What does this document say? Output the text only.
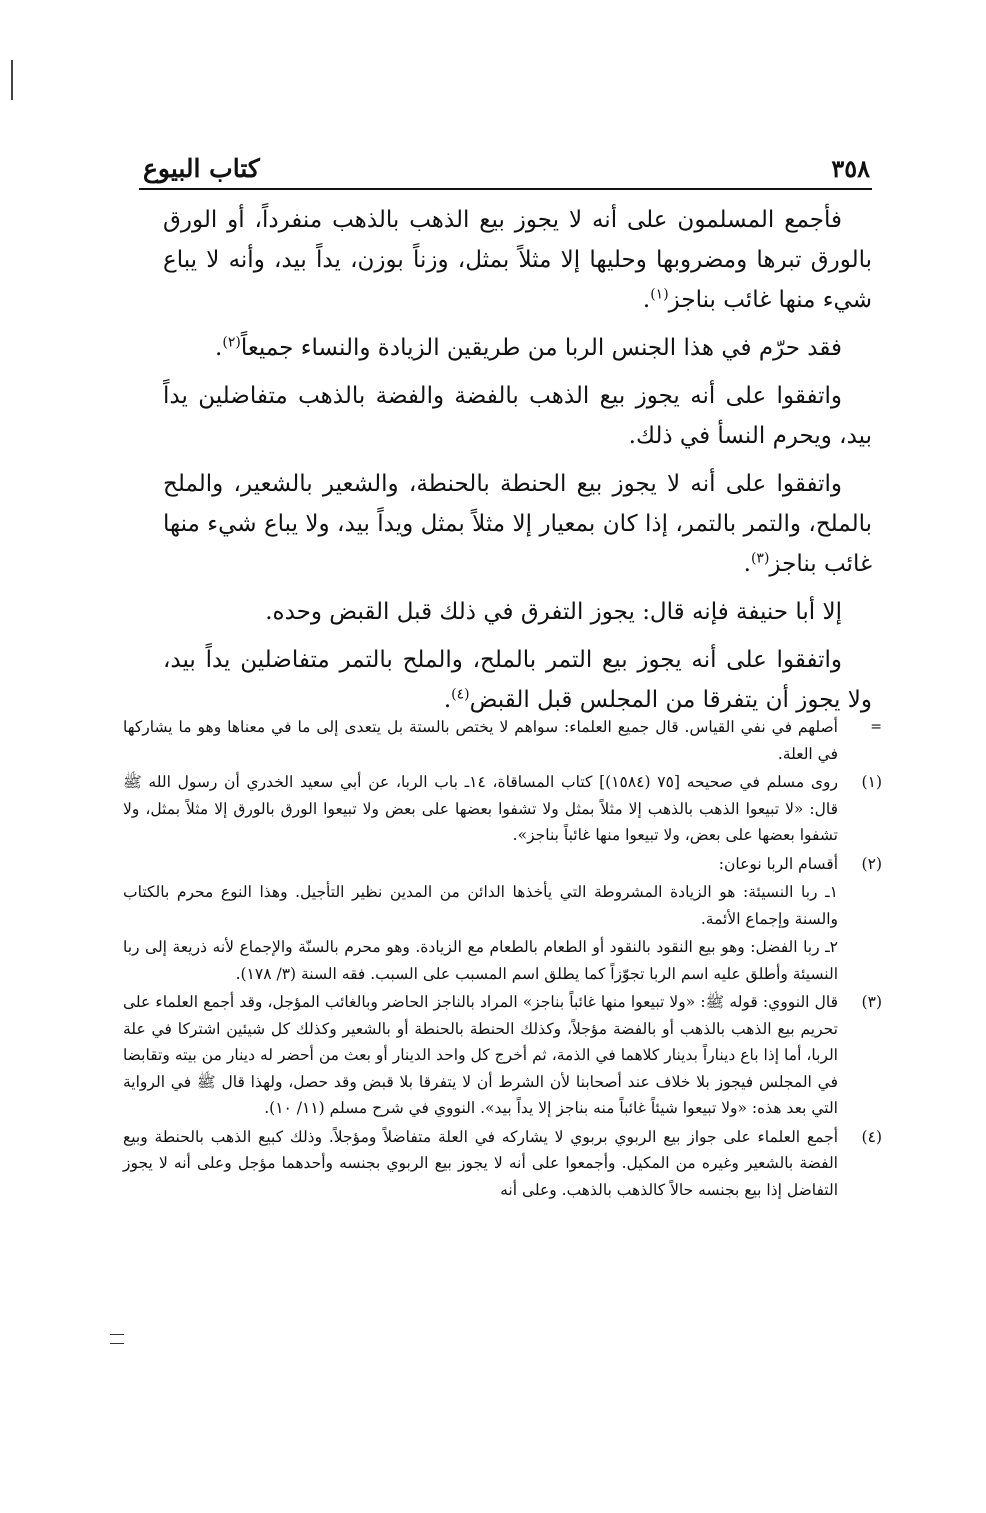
٣٥٨
كتاب البيوع

فأجمع المسلمون على أنه لا يجوز بيع الذهب بالذهب منفرداً، أو الورق بالورق تبرها ومضروبها وحليها إلا مثلاً بمثل، وزناً بوزن، يداً بيد، وأنه لا يباع شيء منها غائب بناجز$^{(١)}$.

فقد حرّم في هذا الجنس الربا من طريقين الزيادة والنساء جميعاً$^{(٢)}$.

واتفقوا على أنه يجوز بيع الذهب بالفضة والفضة بالذهب متفاضلين يداً بيد، ويحرم النسأ في ذلك.

واتفقوا على أنه لا يجوز بيع الحنطة بالحنطة، والشعير بالشعير، والملح بالملح، والتمر بالتمر، إذا كان بمعيار إلا مثلاً بمثل ويداً بيد، ولا يباع شيء منها غائب بناجز$^{(٣)}$.

إلا أبا حنيفة فإنه قال: يجوز التفرق في ذلك قبل القبض وحده.

واتفقوا على أنه يجوز بيع التمر بالملح، والملح بالتمر متفاضلين يداً بيد، ولا يجوز أن يتفرقا من المجلس قبل القبض$^{(٤)}$.

=

أصلهم في نفي القياس. قال جميع العلماء: سواهم لا يختص بالستة بل يتعدى إلى ما في معناها وهو ما يشاركها في العلة.

(١)

روى مسلم في صحيحه [٧٥ (١٥٨٤)] كتاب المساقاة، ١٤ـ باب الربا، عن أبي سعيد الخدري أن رسول الله ﷺ قال: «لا تبيعوا الذهب بالذهب إلا مثلاً بمثل ولا تشفوا بعضها على بعض ولا تبيعوا الورق بالورق إلا مثلاً بمثل، ولا تشفوا بعضها على بعض، ولا تبيعوا منها غائباً بناجز».

(٢)

أقسام الربا نوعان:

١ـ ربا النسيئة: هو الزيادة المشروطة التي يأخذها الدائن من المدين نظير التأجيل. وهذا النوع محرم بالكتاب والسنة وإجماع الأئمة.
٢ـ ربا الفضل: وهو بيع النقود بالنقود أو الطعام بالطعام مع الزيادة. وهو محرم بالسنّة والإجماع لأنه ذريعة إلى ربا النسيئة وأطلق عليه اسم الربا تجوّزاً كما يطلق اسم المسبب على السبب. فقه السنة (٣/ ١٧٨).
(٣)

قال النووي: قوله ﷺ: «ولا تبيعوا منها غائباً بناجز» المراد بالناجز الحاضر وبالغائب المؤجل، وقد أجمع العلماء على تحريم بيع الذهب بالذهب أو بالفضة مؤجلاً، وكذلك الحنطة بالحنطة أو بالشعير وكذلك كل شيئين اشتركا في علة الربا، أما إذا باع ديناراً بدينار كلاهما في الذمة، ثم أخرج كل واحد الدينار أو بعث من أحضر له دينار من بيته وتقابضا في المجلس فيجوز بلا خلاف عند أصحابنا لأن الشرط أن لا يتفرقا بلا قبض وقد حصل، ولهذا قال ﷺ في الرواية التي بعد هذه: «ولا تبيعوا شيئاً غائباً منه بناجز إلا يداً بيد». النووي في شرح مسلم (١١/ ١٠).

(٤)

أجمع العلماء على جواز بيع الربوي بربوي لا يشاركه في العلة متفاضلاً ومؤجلاً. وذلك كبيع الذهب بالحنطة وبيع الفضة بالشعير وغيره من المكيل. وأجمعوا على أنه لا يجوز بيع الربوي بجنسه وأحدهما مؤجل وعلى أنه لا يجوز التفاضل إذا بيع بجنسه حالاً كالذهب بالذهب. وعلى أنه
